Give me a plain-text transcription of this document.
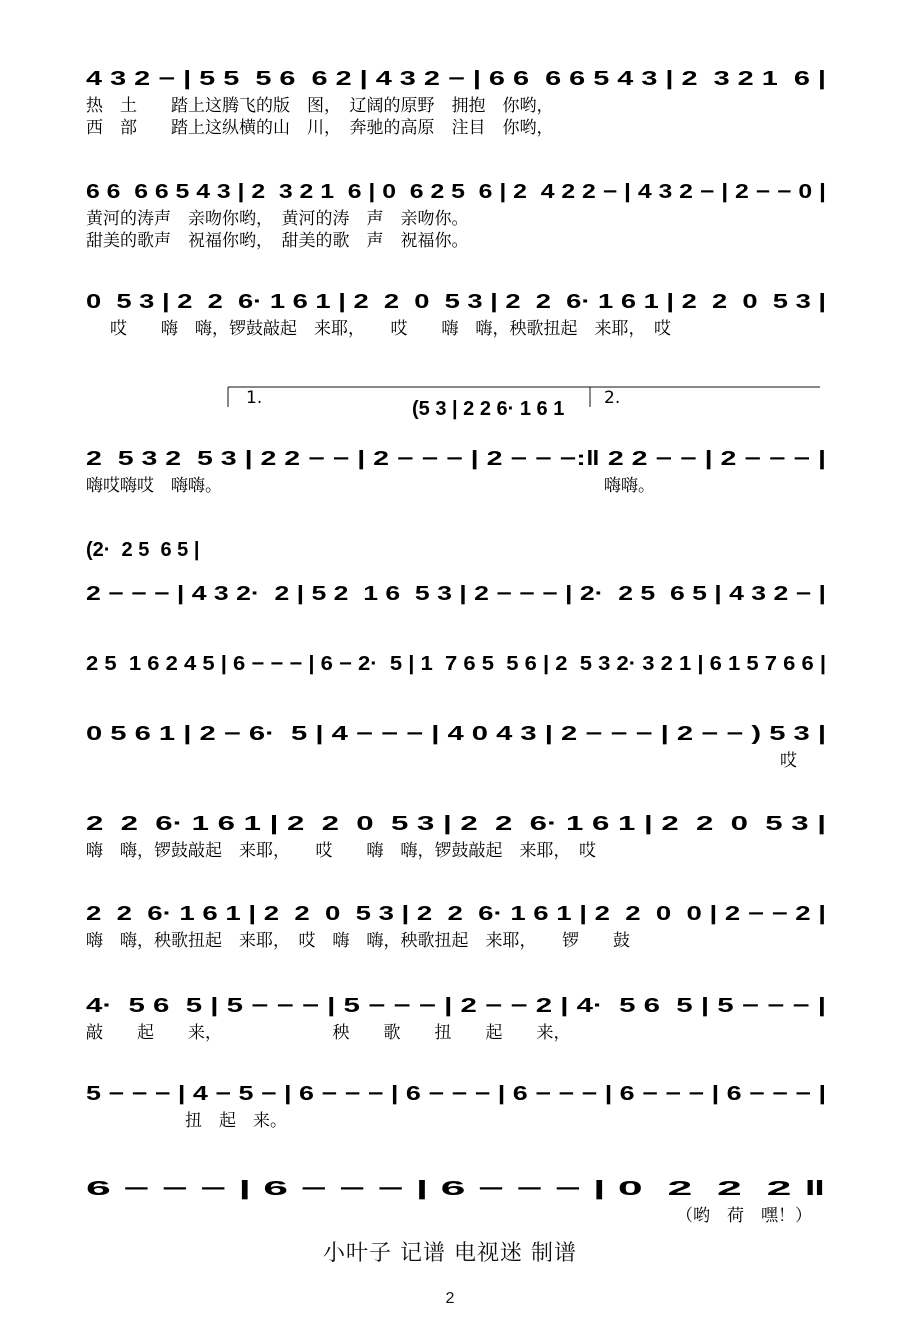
4 3 2 − | 5 5  5 6  6 2 | 4 3 2 − | 6 6  6 6 5 4 3 | 2  3 2 1  6 |
热　土　　踏上这腾飞的版　图，　辽阔的原野　拥抱　你哟，
西　部　　踏上这纵横的山　川，　奔驰的高原　注目　你哟，
6 6  6 6 5 4 3 | 2  3 2 1  6 | 0  6 2 5  6 | 2  4 2 2 − | 4 3 2 − | 2 − − 0 |
黄河的涛声　亲吻你哟，　黄河的涛　声　亲吻你。
甜美的歌声　祝福你哟，　甜美的歌　声　祝福你。
0  5 3 | 2  2  6· 1 6 1 | 2  2  0  5 3 | 2  2  6· 1 6 1 | 2  2  0  5 3 |
哎　　嗨　嗨，锣鼓敲起　来耶，　　哎　　嗨　嗨，秧歌扭起　来耶，　哎
2  5 3 2  5 3 | 2 2 − − | 2 − − − | 2 − − −:‖ 2 2 − − | 2 − − − |
嗨哎嗨哎　嗨嗨。	嗨嗨。
1.	2.
(5 3 | 2 2 6· 1 6 1
2 − − − | 4 3 2·  2 | 5 2  1 6  5 3 | 2 − − − | 2·  2 5  6 5 | 4 3 2 − |
(2·  2 5  6 5 |
2 5  1 6 2 4 5 | 6 − − − | 6 − 2·  5 | 1  7 6 5  5 6 | 2  5 3 2· 3 2 1 | 6 1 5 7 6 6 |
0 5 6 1 | 2 − 6·  5 | 4 − − − | 4 0 4 3 | 2 − − − | 2 − − ) 5 3 |
哎
2  2  6· 1 6 1 | 2  2  0  5 3 | 2  2  6· 1 6 1 | 2  2  0  5 3 |
嗨　嗨，锣鼓敲起　来耶，　　哎　　嗨　嗨，锣鼓敲起　来耶，　哎
2  2  6· 1 6 1 | 2  2  0  5 3 | 2  2  6· 1 6 1 | 2  2  0  0 | 2 − − 2 |
嗨　嗨，秧歌扭起　来耶，　哎　嗨　嗨，秧歌扭起　来耶，　　锣　　鼓
4·  5 6  5 | 5 − − − | 5 − − − | 2 − − 2 | 4·  5 6  5 | 5 − − − |
敲　　起　　来，　　　　　　　秧　　歌　　扭　　起　　来，
5 − − − | 4 − 5 − | 6 − − − | 6 − − − | 6 − − − | 6 − − − | 6 − − − |
扭　起　来。
6 − − − | 6 − − − | 6 − − − | 0  2  2  2 ‖
（哟　荷　嘿！）
小叶子 记谱 电视迷 制谱
2
